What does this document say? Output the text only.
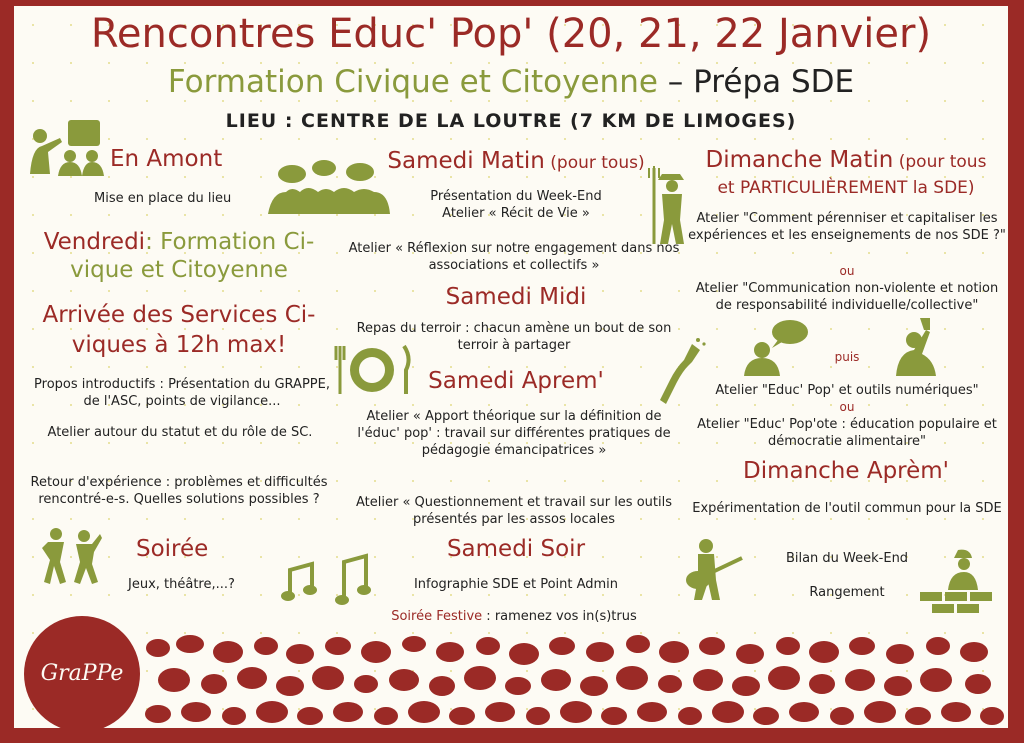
Rencontres Educ' Pop' (20, 21, 22 Janvier)
Formation Civique et Citoyenne – Prépa SDE
LIEU : CENTRE DE LA LOUTRE (7 KM DE LIMOGES)
En Amont
Mise en place du lieu
Vendredi: Formation Ci-
vique et Citoyenne
Arrivée des Services Ci-
viques à 12h max!
Propos introductifs : Présentation du GRAPPE, de l'ASC, points de vigilance...
Atelier autour du statut et du rôle de SC.
Retour d'expérience : problèmes et difficultés rencontré-e-s. Quelles solutions possibles ?
Soirée
Jeux, théâtre,...?
GraPPe
Samedi Matin (pour tous)
Présentation du Week-End
Atelier « Récit de Vie »
Atelier « Réflexion sur notre engagement dans nos associations et collectifs »
Samedi Midi
Repas du terroir : chacun amène un bout de son terroir à partager
Samedi Aprem'
Atelier « Apport théorique sur la définition de l'éduc' pop' : travail sur différentes pratiques de pédagogie émancipatrices »
Atelier « Questionnement et travail sur les outils présentés par les assos locales
Samedi Soir
Infographie SDE et Point Admin
Soirée Festive : ramenez vos in(s)trus
Dimanche Matin (pour tous
et PARTICULIÈREMENT la SDE)
Atelier "Comment pérenniser et capitaliser les expériences et les enseignements de nos SDE ?"
ou
Atelier "Communication non-violente et notion de responsabilité individuelle/collective"
puis
Atelier "Educ' Pop' et outils numériques"
ou
Atelier "Educ' Pop'ote : éducation populaire et démocratie alimentaire"
Dimanche Aprèm'
Expérimentation de l'outil commun pour la SDE
Bilan du Week-End
Rangement
